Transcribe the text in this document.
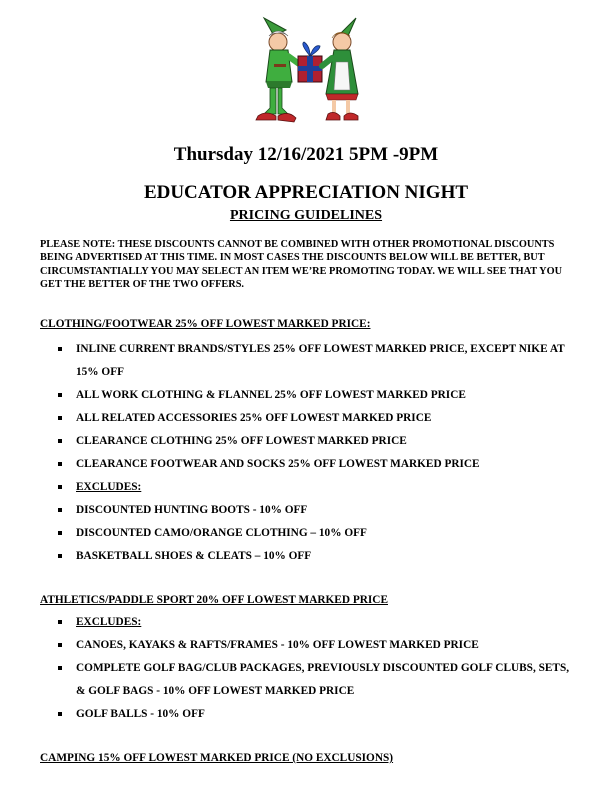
Thursday 12/16/2021 5PM -9PM
EDUCATOR APPRECIATION NIGHT
PRICING GUIDELINES

PLEASE NOTE: THESE DISCOUNTS CANNOT BE COMBINED WITH OTHER PROMOTIONAL DISCOUNTS BEING ADVERTISED AT THIS TIME. IN MOST CASES THE DISCOUNTS BELOW WILL BE BETTER, BUT CIRCUMSTANTIALLY YOU MAY SELECT AN ITEM WE’RE PROMOTING TODAY. WE WILL SEE THAT YOU GET THE BETTER OF THE TWO OFFERS.

CLOTHING/FOOTWEAR 25% OFF LOWEST MARKED PRICE:
INLINE CURRENT BRANDS/STYLES 25% OFF LOWEST MARKED PRICE, EXCEPT NIKE AT 15% OFF
ALL WORK CLOTHING & FLANNEL 25% OFF LOWEST MARKED PRICE
ALL RELATED ACCESSORIES 25% OFF LOWEST MARKED PRICE
CLEARANCE CLOTHING 25% OFF LOWEST MARKED PRICE
CLEARANCE FOOTWEAR AND SOCKS 25% OFF LOWEST MARKED PRICE
EXCLUDES:
DISCOUNTED HUNTING BOOTS - 10% OFF
DISCOUNTED CAMO/ORANGE CLOTHING – 10% OFF
BASKETBALL SHOES & CLEATS – 10% OFF
ATHLETICS/PADDLE SPORT 20% OFF LOWEST MARKED PRICE
EXCLUDES:
CANOES, KAYAKS & RAFTS/FRAMES - 10% OFF LOWEST MARKED PRICE
COMPLETE GOLF BAG/CLUB PACKAGES, PREVIOUSLY DISCOUNTED GOLF CLUBS, SETS, & GOLF BAGS - 10% OFF LOWEST MARKED PRICE
GOLF BALLS - 10% OFF
CAMPING 15% OFF LOWEST MARKED PRICE (NO EXCLUSIONS)
